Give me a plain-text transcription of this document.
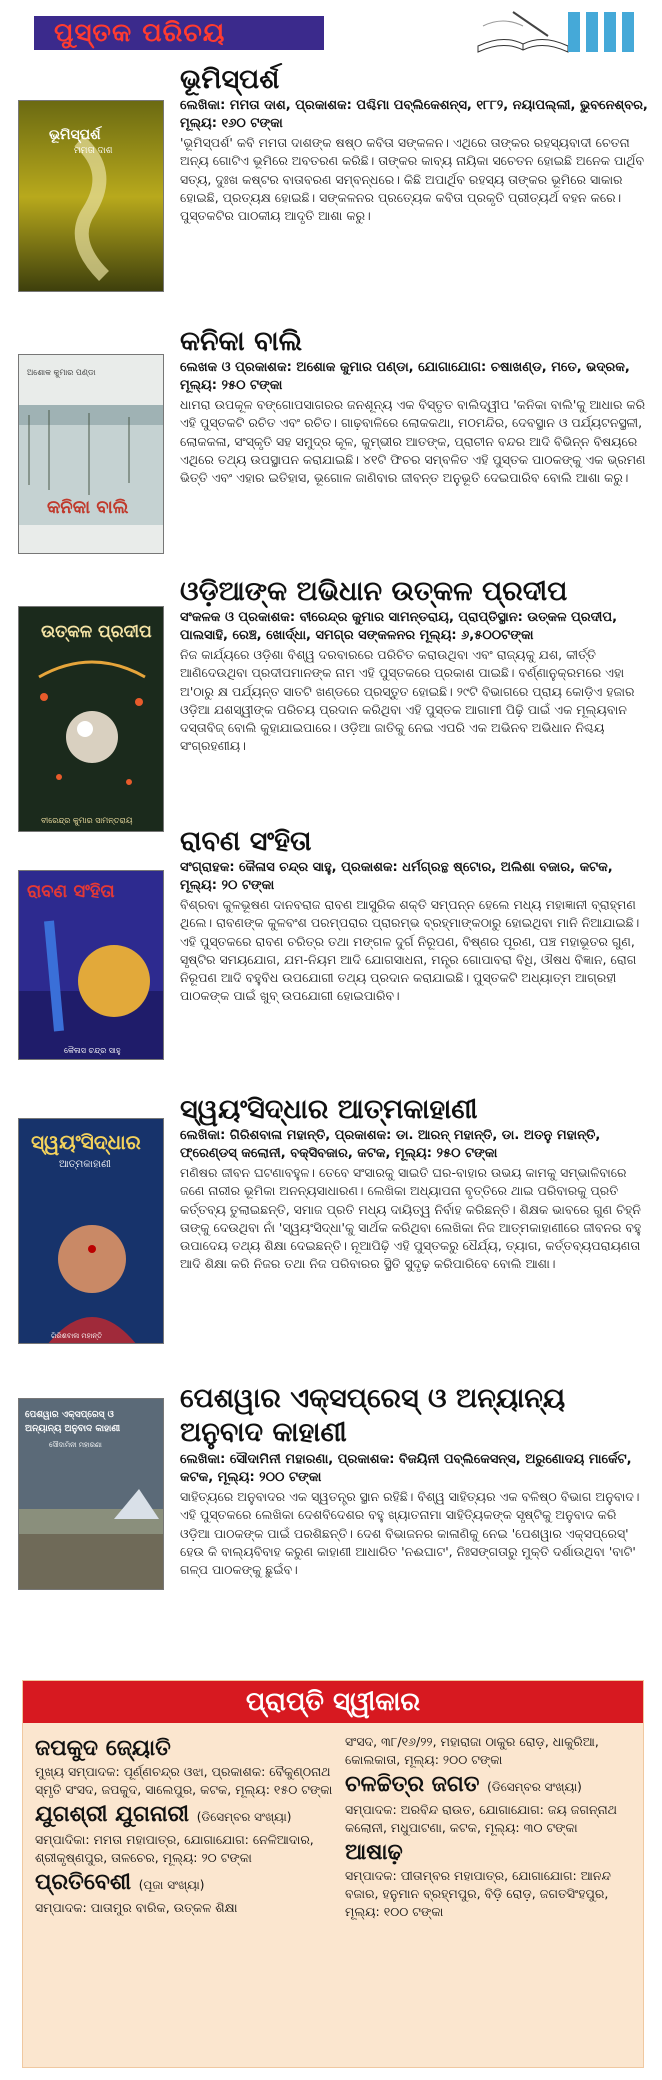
ପୁସ୍ତକ ପରିଚୟ
ଭୂମିସ୍ପର୍ଶ
ମମତା ଦାଶ
ଭୂମିସ୍ପର୍ଶ
ଲେଖିକା: ମମତା ଦାଶ, ପ୍ରକାଶକ: ପଶ୍ଚିମା ପବ୍ଲିକେଶନ୍ସ, ୧୮୮୨, ନୟାପଲ୍ଲୀ, ଭୁବନେଶ୍ବର, ମୂଲ୍ୟ: ୧୬୦ ଟଙ୍କା
'ଭୂମିସ୍ପର୍ଶ' କବି ମମତା ଦାଶଙ୍କ ଷଷ୍ଠ କବିତା ସଙ୍କଳନ। ଏଥିରେ ତାଙ୍କର ରହସ୍ୟବାଦୀ ଚେତନା ଅନ୍ୟ ଗୋଟିଏ ଭୂମିରେ ଅବତରଣ କରିଛି। ତାଙ୍କର କାବ୍ୟ ନାୟିକା ସଚେତନ ହୋଇଛି ଅନେକ ପାର୍ଥିବ ସତ୍ୟ, ଦୁଃଖ କଷ୍ଟର ବାତାବରଣ ସମ୍ବନ୍ଧରେ। କିଛି ଅପାର୍ଥିବ ରହସ୍ୟ ତାଙ୍କର ଭୂମିରେ ସାକାର ହୋଇଛି, ପ୍ରତ୍ୟକ୍ଷ ହୋଇଛି। ସଙ୍କଳନର ପ୍ରତ୍ୟେକ କବିତା ପ୍ରକୃତି ପ୍ରୀତ୍ୟର୍ଥ ବହନ କରେ। ପୁସ୍ତକଟିର ପାଠକୀୟ ଆଦୃତି ଆଶା କରୁ।
ଅଶୋକ କୁମାର ପଣ୍ଡା
କନିକା ବାଲି
କନିକା ବାଲି
ଲେଖକ ଓ ପ୍ରକାଶକ: ଅଶୋକ କୁମାର ପଣ୍ଡା, ଯୋଗାଯୋଗ: ଚଷାଖଣ୍ଡ, ମତେ, ଭଦ୍ରକ, ମୂଲ୍ୟ: ୨୫୦ ଟଙ୍କା
ଧାମରା ଉପକୂଳ ବଙ୍ଗୋପସାଗରର ଜନଶୂନ୍ୟ ଏକ ବିସ୍ତୃତ ବାଲିଦ୍ୱୀପ 'କନିକା ବାଲି'କୁ ଆଧାର କରି ଏହି ପୁସ୍ତକଟି ରଚିତ ଏବଂ ରଚିତ। ଗାଢ଼ବାଳିରେ ଲୋକକଥା, ମଠମନ୍ଦିର, ଦେବସ୍ଥାନ ଓ ପର୍ଯ୍ୟଟନସ୍ଥଳୀ, ଲୋକକଳା, ସଂସ୍କୃତି ସହ ସମୁଦ୍ର କୂଳ, କୁମ୍ଭୀର ଆତଙ୍କ, ପ୍ରାଚୀନ ବନ୍ଦର ଆଦି ବିଭିନ୍ନ ବିଷୟରେ ଏଥିରେ ତଥ୍ୟ ଉପସ୍ଥାପନ କରାଯାଇଛି। ୪୧ଟି ଫିଚର ସମ୍ବଳିତ ଏହି ପୁସ୍ତକ ପାଠକଙ୍କୁ ଏକ ଭ୍ରମଣ ଭିତ୍ତି ଏବଂ ଏହାର ଇତିହାସ, ଭୂଗୋଳ ଜାଣିବାର ଜୀବନ୍ତ ଅନୁଭୂତି ଦେଇପାରିବ ବୋଲି ଆଶା କରୁ।
ଉତ୍କଳ ପ୍ରଦୀପ
ବୀରେନ୍ଦ୍ର କୁମାର ସାମନ୍ତରାୟ
ଓଡ଼ିଆଙ୍କ ଅଭିଧାନ ଉତ୍କଳ ପ୍ରଦୀପ
ସଂକଳକ ଓ ପ୍ରକାଶକ: ବୀରେନ୍ଦ୍ର କୁମାର ସାମନ୍ତରାୟ, ପ୍ରାପ୍ତିସ୍ଥାନ: ଉତ୍କଳ ପ୍ରଦୀପ, ପାଲସାହି, ରେଞ୍ଚ, ଖୋର୍ଦ୍ଧା, ସମଗ୍ର ସଙ୍କଳନର ମୂଲ୍ୟ: ୬,୫୦୦ଟଙ୍କା
ନିଜ କାର୍ଯ୍ୟରେ ଓଡ଼ିଶା ବିଶ୍ୱ ଦରବାରରେ ପରିଚିତ କରାଉଥିବା ଏବଂ ରାଜ୍ୟକୁ ଯଶ, କୀର୍ତ୍ତି ଆଣିଦେଉଥିବା ପ୍ରଦୀପମାନଙ୍କ ନାମ ଏହି ପୁସ୍ତକରେ ପ୍ରକାଶ ପାଇଛି। ବର୍ଣ୍ଣାନୁକ୍ରମରେ ଏହା ଅ'ଠାରୁ କ୍ଷ ପର୍ଯ୍ୟନ୍ତ ସାତଟି ଖଣ୍ଡରେ ପ୍ରସ୍ତୁତ ହୋଇଛି। ୨୯ଟି ବିଭାଗରେ ପ୍ରାୟ କୋଡ଼ିଏ ହଜାର ଓଡ଼ିଆ ଯଶସ୍ୱୀଙ୍କ ପରିଚୟ ପ୍ରଦାନ କରିଥିବା ଏହି ପୁସ୍ତକ ଆଗାମୀ ପିଢ଼ି ପାଇଁ ଏକ ମୂଲ୍ୟବାନ ଦସ୍ତାବିଜ୍ ବୋଲି କୁହାଯାଇପାରେ। ଓଡ଼ିଆ ଜାତିକୁ ନେଇ ଏପରି ଏକ ଅଭିନବ ଅଭିଧାନ ନିଶ୍ଚୟ ସଂଗ୍ରହଣୀୟ।
ରାବଣ ସଂହିତା
କୈଳାସ ଚନ୍ଦ୍ର ସାହୁ
ରାବଣ ସଂହିତା
ସଂଗ୍ରାହକ: କୈଳାସ ଚନ୍ଦ୍ର ସାହୁ, ପ୍ରକାଶକ: ଧର୍ମଗ୍ରନ୍ଥ ଷ୍ଟୋର, ଅଲିଶା ବଜାର, କଟକ, ମୂଲ୍ୟ: ୨୦ ଟଙ୍କା
ବିଶ୍ରବା କୁଳଭୂଷଣ ଦାନବରାଜ ରାବଣ ଆସୁରିକ ଶକ୍ତି ସମ୍ପନ୍ନ ହେଲେ ମଧ୍ୟ ମହାଜ୍ଞାନୀ ବ୍ରାହ୍ମଣ ଥିଲେ। ରାବଣଙ୍କ କୁଳବଂଶ ପରମ୍ପରାର ପ୍ରାରମ୍ଭ ବ୍ରହ୍ମାଙ୍କଠାରୁ ହୋଇଥିବା ମାନି ନିଆଯାଇଛି। ଏହି ପୁସ୍ତକରେ ରାବଣ ଚରିତ୍ର ତଥା ମଙ୍ଗଳ ଦୁର୍ଗ ନିରୂପଣ, ବିଷ୍ଣର ପୂରଣ, ପଞ୍ଚ ମହାଭୂତର ଗୁଣ, ସୃଷ୍ଟିର ସମୟଯୋଗ, ଯମ-ନିୟମ ଆଦି ଯୋଗସାଧନା, ମନ୍ତ୍ର ଗୋପାବରା ବିଧି, ଔଷଧ ବିଜ୍ଞାନ, ରୋଗ ନିରୂପଣ ଆଦି ବହୁବିଧ ଉପଯୋଗୀ ତଥ୍ୟ ପ୍ରଦାନ କରାଯାଇଛି। ପୁସ୍ତକଟି ଅଧ୍ୟାତ୍ମ ଆଗ୍ରହୀ ପାଠକଙ୍କ ପାଇଁ ଖୁବ୍ ଉପଯୋଗୀ ହୋଇପାରିବ।
ସ୍ୱୟଂସିଦ୍ଧାର
ଆତ୍ମକାହାଣୀ
ଗିରିଶବାଳା ମହାନ୍ତି
ସ୍ୱୟଂସିଦ୍ଧାର ଆତ୍ମକାହାଣୀ
ଲେଖିକା: ଗିରିଶବାଳା ମହାନ୍ତି, ପ୍ରକାଶକ: ଡା. ଆରନ୍ ମହାନ୍ତି, ଡା. ଅତନୁ ମହାନ୍ତି, ଫ୍ରେଣ୍ଡସ୍ କଲୋନୀ, ବକ୍ସିବଜାର, କଟକ, ମୂଲ୍ୟ: ୨୫୦ ଟଙ୍କା
ମଣିଷର ଜୀବନ ଘଟଣାବହୁଳ। ତେବେ ସଂସାରକୁ ସାଇତି ଘର-ବାହାର ଉଭୟ କାମକୁ ସମ୍ଭାଳିବାରେ ଜଣେ ନାରୀର ଭୂମିକା ଅନନ୍ୟସାଧାରଣ। ଲେଖିକା ଅଧ୍ୟାପନା ବୃତ୍ତିରେ ଥାଇ ପରିବାରକୁ ପ୍ରତି କର୍ତ୍ତବ୍ୟ ତୁଲାଇଛନ୍ତି, ସମାଜ ପ୍ରତି ମଧ୍ୟ ଦାୟିତ୍ୱ ନିର୍ବାହ କରିଛନ୍ତି। ଶିକ୍ଷକ ଭାବରେ ଗୁଣ ଚିହ୍ନି ତାଙ୍କୁ ଦେଉଥିବା ନାଁ 'ସ୍ୱୟଂସିଦ୍ଧା'କୁ ସାର୍ଥକ କରିଥିବା ଲେଖିକା ନିଜ ଆତ୍ମକାହାଣୀରେ ଜୀବନର ବହୁ ଉପାଦେୟ ତଥ୍ୟ ଶିକ୍ଷା ଦେଇଛନ୍ତି। ନୂଆପିଢ଼ି ଏହି ପୁସ୍ତକରୁ ଧୈର୍ଯ୍ୟ, ତ୍ୟାଗ, କର୍ତ୍ତବ୍ୟପରାୟଣତା ଆଦି ଶିକ୍ଷା କରି ନିଜର ତଥା ନିଜ ପରିବାରର ସ୍ଥିତି ସୁଦୃଢ଼ କରିପାରିବେ ବୋଲି ଆଶା।
ପେଶୱାର ଏକ୍ସପ୍ରେସ୍ ଓ
ଅନ୍ୟାନ୍ୟ ଅନୁବାଦ କାହାଣୀ
ସୌଦାମିନୀ ମହାରଣା
ପେଶୱାର ଏକ୍ସପ୍ରେସ୍ ଓ ଅନ୍ୟାନ୍ୟ ଅନୁବାଦ କାହାଣୀ
ଲେଖିକା: ସୌଦାମିନୀ ମହାରଣା, ପ୍ରକାଶକ: ବିଜୟିନୀ ପବ୍ଲିକେସନ୍ସ, ଅରୁଣୋଦୟ ମାର୍କେଟ, କଟକ, ମୂଲ୍ୟ: ୨୦୦ ଟଙ୍କା
ସାହିତ୍ୟରେ ଅନୁବାଦର ଏକ ସ୍ୱତନ୍ତ୍ର ସ୍ଥାନ ରହିଛି। ବିଶ୍ୱ ସାହିତ୍ୟର ଏକ ବଳିଷ୍ଠ ବିଭାଗ ଅନୁବାଦ। ଏହି ପୁସ୍ତକରେ ଲେଖିକା ଦେଶବିଦେଶର ବହୁ ଖ୍ୟାତନାମା ସାହିତ୍ୟିକଙ୍କ ସୃଷ୍ଟିକୁ ଅନୁବାଦ କରି ଓଡ଼ିଆ ପାଠକଙ୍କ ପାଇଁ ପରଶିଛନ୍ତି। ଦେଶ ବିଭାଜନର କାଳାଣିକୁ ନେଇ 'ପେଶୱାର ଏକ୍ସପ୍ରେସ୍' ହେଉ କି ବାଲ୍ୟବିବାହ କରୁଣ କାହାଣୀ ଆଧାରିତ 'ନଈଘାଟ', ନିଃସଙ୍ଗତାରୁ ମୁକ୍ତି ଦର୍ଶାଉଥିବା 'ବାଟି' ଗଳ୍ପ ପାଠକଙ୍କୁ ଛୁଇଁବ।
ପ୍ରାପ୍ତି ସ୍ୱୀକାର
ଜପକୁଦ ଜ୍ୟୋତି
ମୁଖ୍ୟ ସମ୍ପାଦକ: ପୂର୍ଣ୍ଣଚନ୍ଦ୍ର ଓଝା, ପ୍ରକାଶକ: ବୈକୁଣ୍ଠନାଥ ସ୍ମୃତି ସଂସଦ, ଜପକୁଦ, ସାଲେପୁର, କଟକ, ମୂଲ୍ୟ: ୧୫୦ ଟଙ୍କା
ଯୁଗଶ୍ରୀ ଯୁଗନାରୀ (ଡିସେମ୍ବର ସଂଖ୍ୟା)
ସମ୍ପାଦିକା: ମମତା ମହାପାତ୍ର, ଯୋଗାଯୋଗ: ନେଳିଆଦାର, ଶ୍ରୀକୃଷ୍ଣପୁର, ତାଳଚେର, ମୂଲ୍ୟ: ୨୦ ଟଙ୍କା
ପ୍ରତିବେଶୀ (ପୂଜା ସଂଖ୍ୟା)
ସମ୍ପାଦକ: ପାତାମୁର ବାରିକ, ଉତ୍କଳ ଶିକ୍ଷା
ସଂସଦ, ୩୮/୧୬/୨୨, ମହାରାଜା ଠାକୁର ରୋଡ଼, ଧାକୁରିଆ, କୋଲକାତା, ମୂଲ୍ୟ: ୨୦୦ ଟଙ୍କା
ଚଳଚ୍ଚିତ୍ର ଜଗତ (ଡିସେମ୍ବର ସଂଖ୍ୟା)
ସମ୍ପାଦକ: ଅରବିନ୍ଦ ରାଉତ, ଯୋଗାଯୋଗ: ଜୟ ଜଗନ୍ନାଥ କଲୋନୀ, ମଧୁପାଟଣା, କଟକ, ମୂଲ୍ୟ: ୩୦ ଟଙ୍କା
ଆଷାଢ଼
ସମ୍ପାଦକ: ପୀତାମ୍ବର ମହାପାତ୍ର, ଯୋଗାଯୋଗ: ଆନନ୍ଦ ବଜାର, ହନୁମାନ ବ୍ରହ୍ମପୁର, ବିଡ଼ି ରୋଡ଼, ଜଗତସିଂହପୁର, ମୂଲ୍ୟ: ୧୦୦ ଟଙ୍କା
